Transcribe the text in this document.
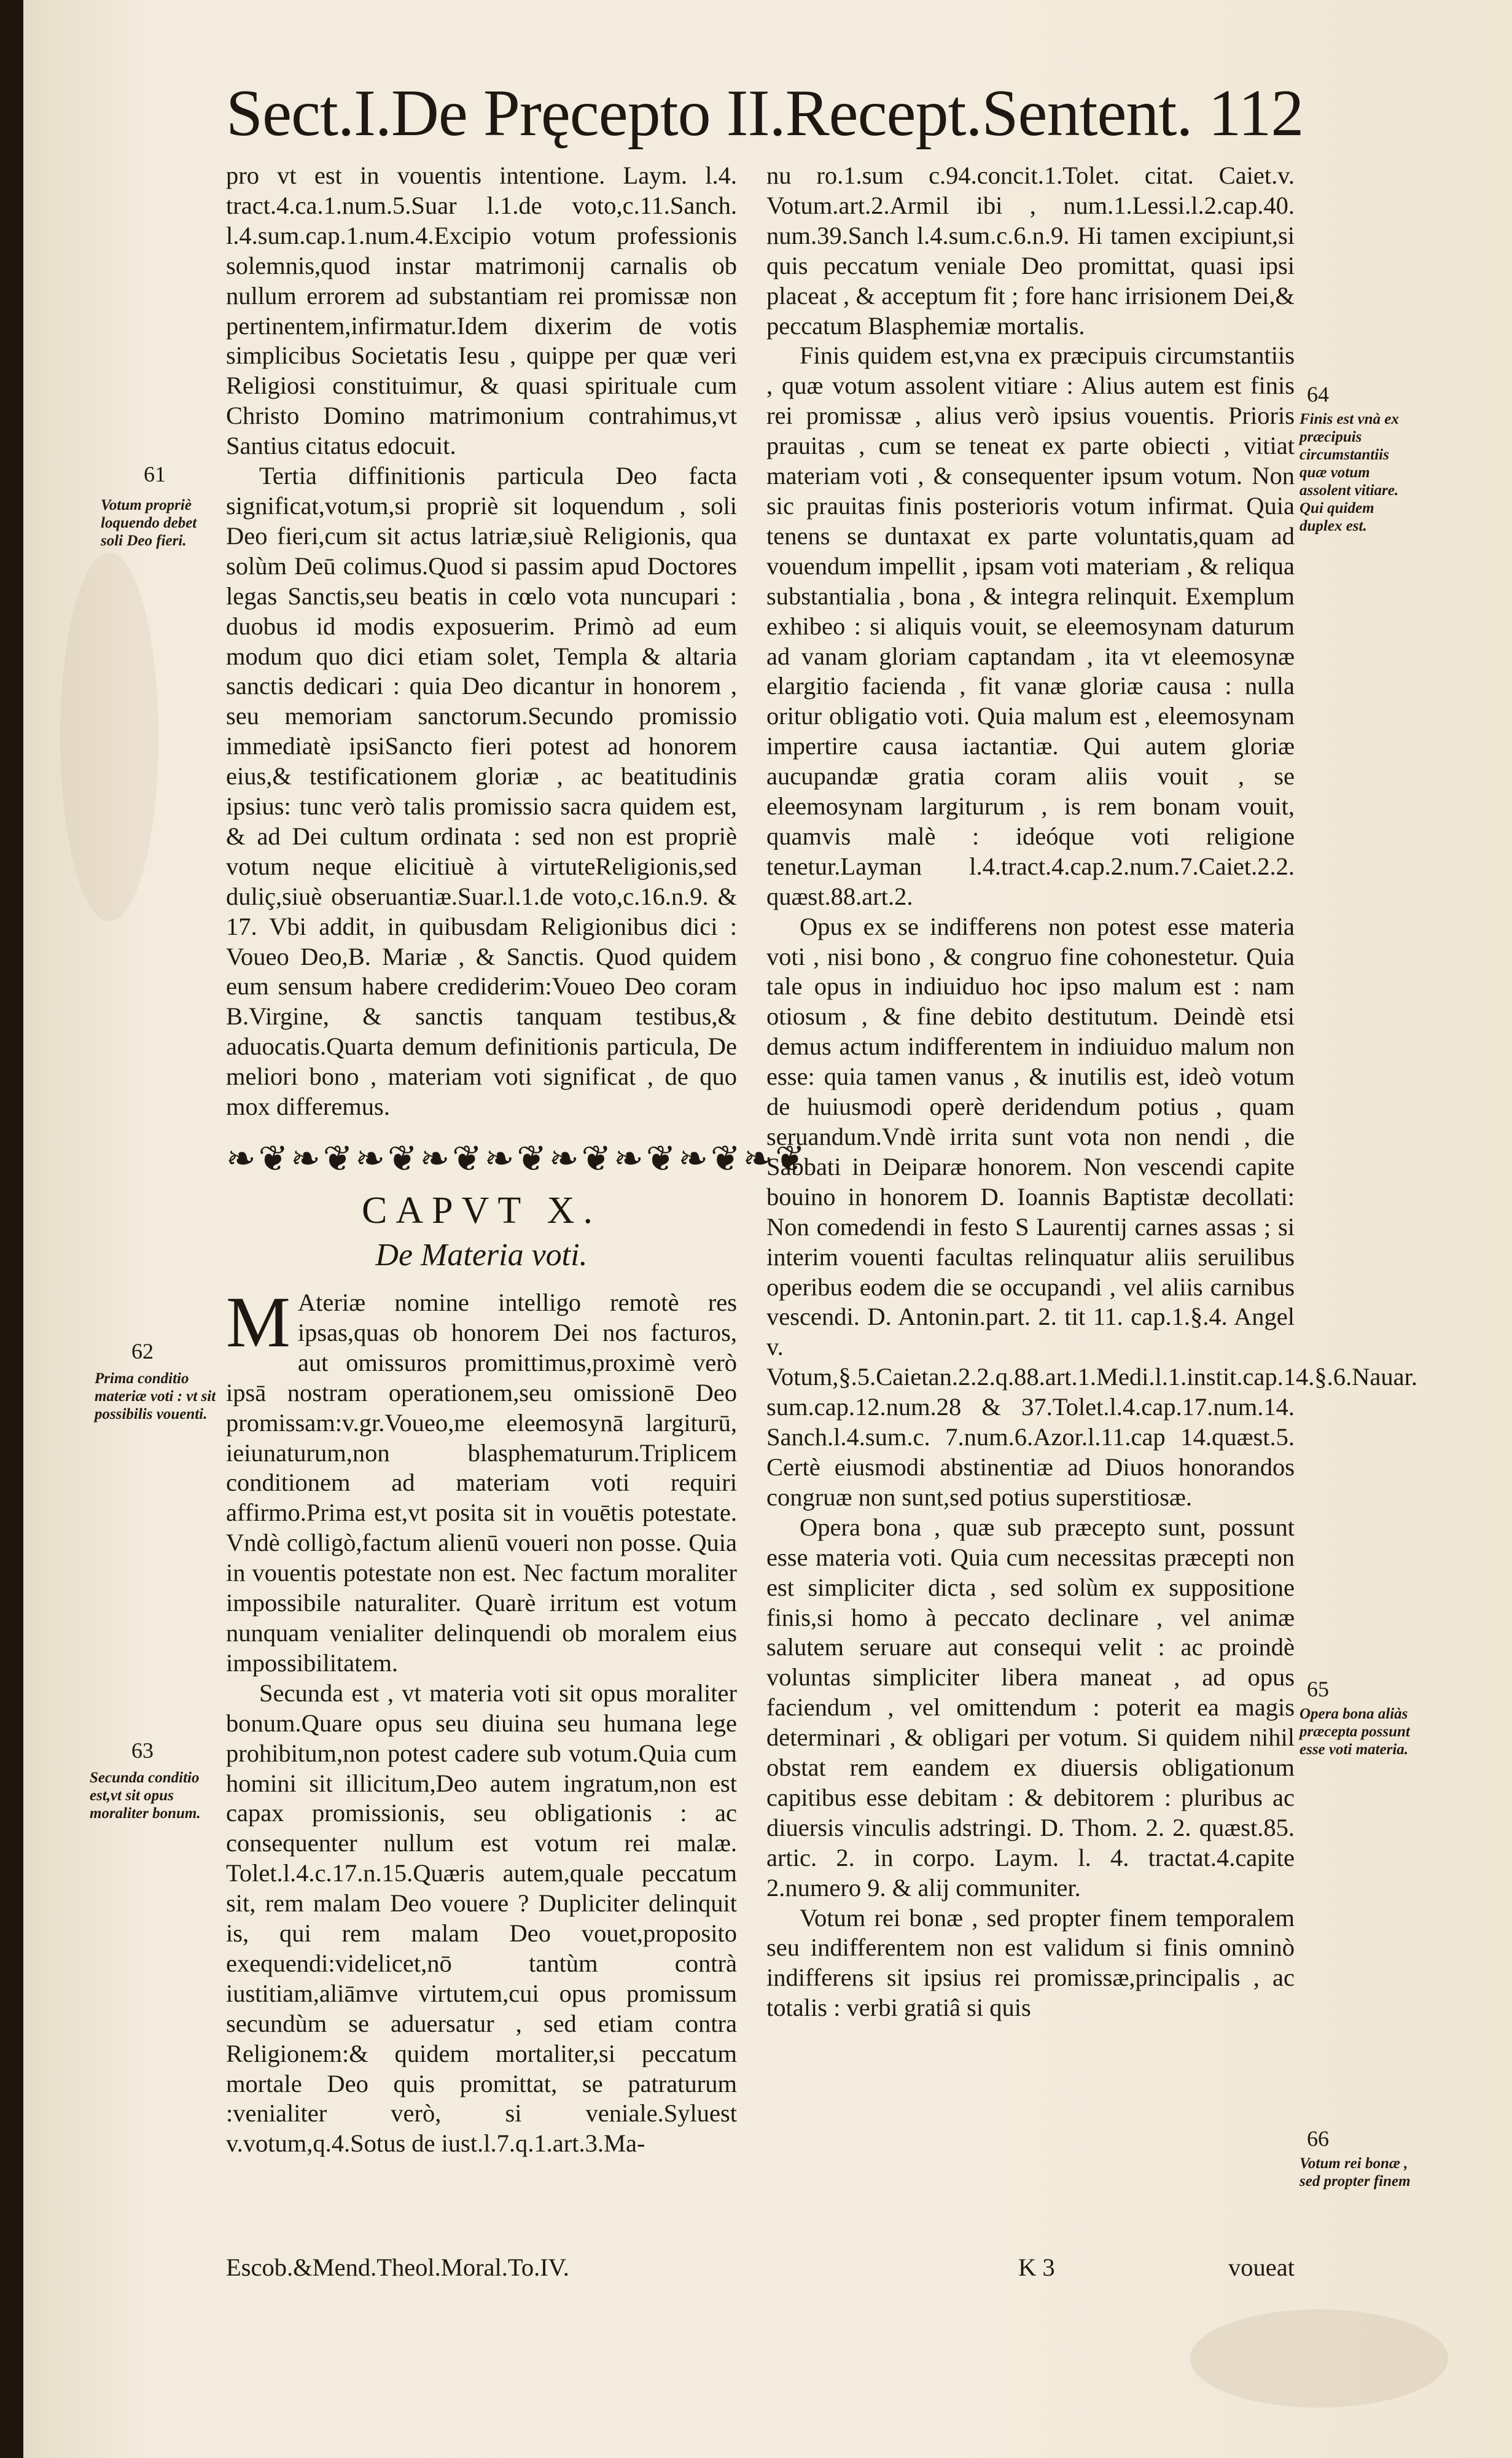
Sect.I.De Pręcepto II.Recept.Sentent. 112

pro vt est in vouentis intentione. Laym. l.4. tract.4.ca.1.num.5.Suar l.1.de voto,c.11.Sanch. l.4.sum.cap.1.num.4.Excipio votum professionis solemnis,quod instar matrimonij carnalis ob nullum errorem ad substantiam rei promissæ non pertinentem,infirmatur.Idem dixerim de votis simplicibus Societatis Iesu , quippe per quæ veri Religiosi constituimur, & quasi spirituale cum Christo Domino matrimonium contrahimus,vt Santius citatus edocuit.

Tertia diffinitionis particula Deo facta significat,votum,si propriè sit loquendum , soli Deo fieri,cum sit actus latriæ,siuè Religionis, qua solùm Deū colimus.Quod si passim apud Doctores legas Sanctis,seu beatis in cœlo vota nuncupari : duobus id modis exposuerim. Primò ad eum modum quo dici etiam solet, Templa & altaria sanctis dedicari : quia Deo dicantur in honorem , seu memoriam sanctorum.Secundo promissio immediatè ipsiSancto fieri potest ad honorem eius,& testificationem gloriæ , ac beatitudinis ipsius: tunc verò talis promissio sacra quidem est, & ad Dei cultum ordinata : sed non est propriè votum neque elicitiuè à virtuteReligionis,sed duliç,siuè obseruantiæ.Suar.l.1.de voto,c.16.n.9. & 17. Vbi addit, in quibusdam Religionibus dici : Voueo Deo,B. Mariæ , & Sanctis. Quod quidem eum sensum habere crediderim:Voueo Deo coram B.Virgine, & sanctis tanquam testibus,& aduocatis.Quarta demum definitionis particula, De meliori bono , materiam voti significat , de quo mox differemus.

❧❦❧❦❧❦❧❦❧❦❧❦❧❦❧❦❧❦
CAPVT X.
De Materia voti.

M Ateriæ nomine intelligo remotè res ipsas,quas ob honorem Dei nos facturos, aut omissuros promittimus,proximè verò ipsā nostram operationem,seu omissionē Deo promissam:v.gr.Voueo,me eleemosynā largiturū, ieiunaturum,non blasphematurum.Triplicem conditionem ad materiam voti requiri affirmo.Prima est,vt posita sit in vouētis potestate. Vndè colligò,factum alienū voueri non posse. Quia in vouentis potestate non est. Nec factum moraliter impossibile naturaliter. Quarè irritum est votum nunquam venialiter delinquendi ob moralem eius impossibilitatem.

Secunda est , vt materia voti sit opus moraliter bonum.Quare opus seu diuina seu humana lege prohibitum,non potest cadere sub votum.Quia cum homini sit illicitum,Deo autem ingratum,non est capax promissionis, seu obligationis : ac consequenter nullum est votum rei malæ. Tolet.l.4.c.17.n.15.Quæris autem,quale peccatum sit, rem malam Deo vouere ? Dupliciter delinquit is, qui rem malam Deo vouet,proposito exequendi:videlicet,nō tantùm contrà iustitiam,aliāmve virtutem,cui opus promissum secundùm se aduersatur , sed etiam contra Religionem:& quidem mortaliter,si peccatum mortale Deo quis promittat, se patraturum :venialiter verò, si veniale.Syluest v.votum,q.4.Sotus de iust.l.7.q.1.art.3.Ma-

nu ro.1.sum c.94.concit.1.Tolet. citat. Caiet.v. Votum.art.2.Armil ibi , num.1.Lessi.l.2.cap.40. num.39.Sanch l.4.sum.c.6.n.9. Hi tamen excipiunt,si quis peccatum veniale Deo promittat, quasi ipsi placeat , & acceptum fit ; fore hanc irrisionem Dei,& peccatum Blasphemiæ mortalis.

Finis quidem est,vna ex præcipuis circumstantiis , quæ votum assolent vitiare : Alius autem est finis rei promissæ , alius verò ipsius vouentis. Prioris prauitas , cum se teneat ex parte obiecti , vitiat materiam voti , & consequenter ipsum votum. Non sic prauitas finis posterioris votum infirmat. Quia tenens se duntaxat ex parte voluntatis,quam ad vouendum impellit , ipsam voti materiam , & reliqua substantialia , bona , & integra relinquit. Exemplum exhibeo : si aliquis vouit, se eleemosynam daturum ad vanam gloriam captandam , ita vt eleemosynæ elargitio facienda , fit vanæ gloriæ causa : nulla oritur obligatio voti. Quia malum est , eleemosynam impertire causa iactantiæ. Qui autem gloriæ aucupandæ gratia coram aliis vouit , se eleemosynam largiturum , is rem bonam vouit, quamvis malè : ideóque voti religione tenetur.Layman l.4.tract.4.cap.2.num.7.Caiet.2.2. quæst.88.art.2.

Opus ex se indifferens non potest esse materia voti , nisi bono , & congruo fine cohonestetur. Quia tale opus in indiuiduo hoc ipso malum est : nam otiosum , & fine debito destitutum. Deindè etsi demus actum indifferentem in indiuiduo malum non esse: quia tamen vanus , & inutilis est, ideò votum de huiusmodi operè deridendum potius , quam seruandum.Vndè irrita sunt vota non nendi , die Sabbati in Deiparæ honorem. Non vescendi capite bouino in honorem D. Ioannis Baptistæ decollati: Non comedendi in festo S Laurentij carnes assas ; si interim vouenti facultas relinquatur aliis seruilibus operibus eodem die se occupandi , vel aliis carnibus vescendi. D. Antonin.part. 2. tit 11. cap.1.§.4. Angel v. Votum,§.5.Caietan.2.2.q.88.art.1.Medi.l.1.instit.cap.14.§.6.Nauar. sum.cap.12.num.28 & 37.Tolet.l.4.cap.17.num.14. Sanch.l.4.sum.c. 7.num.6.Azor.l.11.cap 14.quæst.5. Certè eiusmodi abstinentiæ ad Diuos honorandos congruæ non sunt,sed potius superstitiosæ.

Opera bona , quæ sub præcepto sunt, possunt esse materia voti. Quia cum necessitas præcepti non est simpliciter dicta , sed solùm ex suppositione finis,si homo à peccato declinare , vel animæ salutem seruare aut consequi velit : ac proindè voluntas simpliciter libera maneat , ad opus faciendum , vel omittendum : poterit ea magis determinari , & obligari per votum. Si quidem nihil obstat rem eandem ex diuersis obligationum capitibus esse debitam : & debitorem : pluribus ac diuersis vinculis adstringi. D. Thom. 2. 2. quæst.85. artic. 2. in corpo. Laym. l. 4. tractat.4.capite 2.numero 9. & alij communiter.

Votum rei bonæ , sed propter finem temporalem seu indifferentem non est validum si finis omninò indifferens sit ipsius rei promissæ,principalis , ac totalis : verbi gratiâ si quis

61
Votum propriè loquendo debet soli Deo fieri.
62
Prima conditio materiæ voti : vt sit possibilis vouenti.
63
Secunda conditio est,vt sit opus moraliter bonum.
64
Finis est vnà ex præcipuis circumstantiis quæ votum assolent vitiare. Qui quidem duplex est.
65
Opera bona aliàs præcepta possunt esse voti materia.
66
Votum rei bonæ , sed propter finem
Escob.&Mend.Theol.Moral.To.IV.	K 3	voueat
